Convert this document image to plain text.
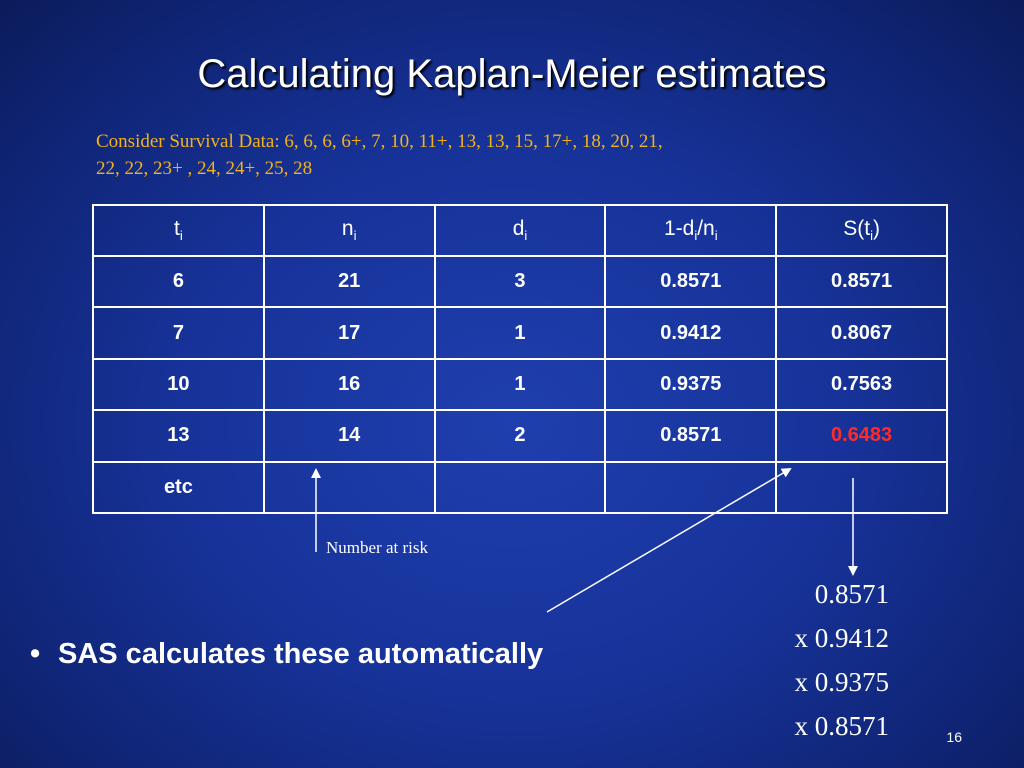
Calculating Kaplan-Meier estimates
Consider Survival Data: 6, 6, 6, 6+, 7, 10, 11+, 13, 13, 15, 17+, 18, 20, 21,
22, 22, 23+ , 24, 24+, 25, 28
$t_i$	$n_i$	$d_i$	$1-d_i/n_i$	$S(t_i)$
6	21	3	0.8571	0.8571
7	17	1	0.9412	0.8067
10	16	1	0.9375	0.7563
13	14	2	0.8571	0.6483
etc				
Number at risk
0.8571
x 0.9412
x 0.9375
x 0.8571
• SAS calculates these automatically
16
